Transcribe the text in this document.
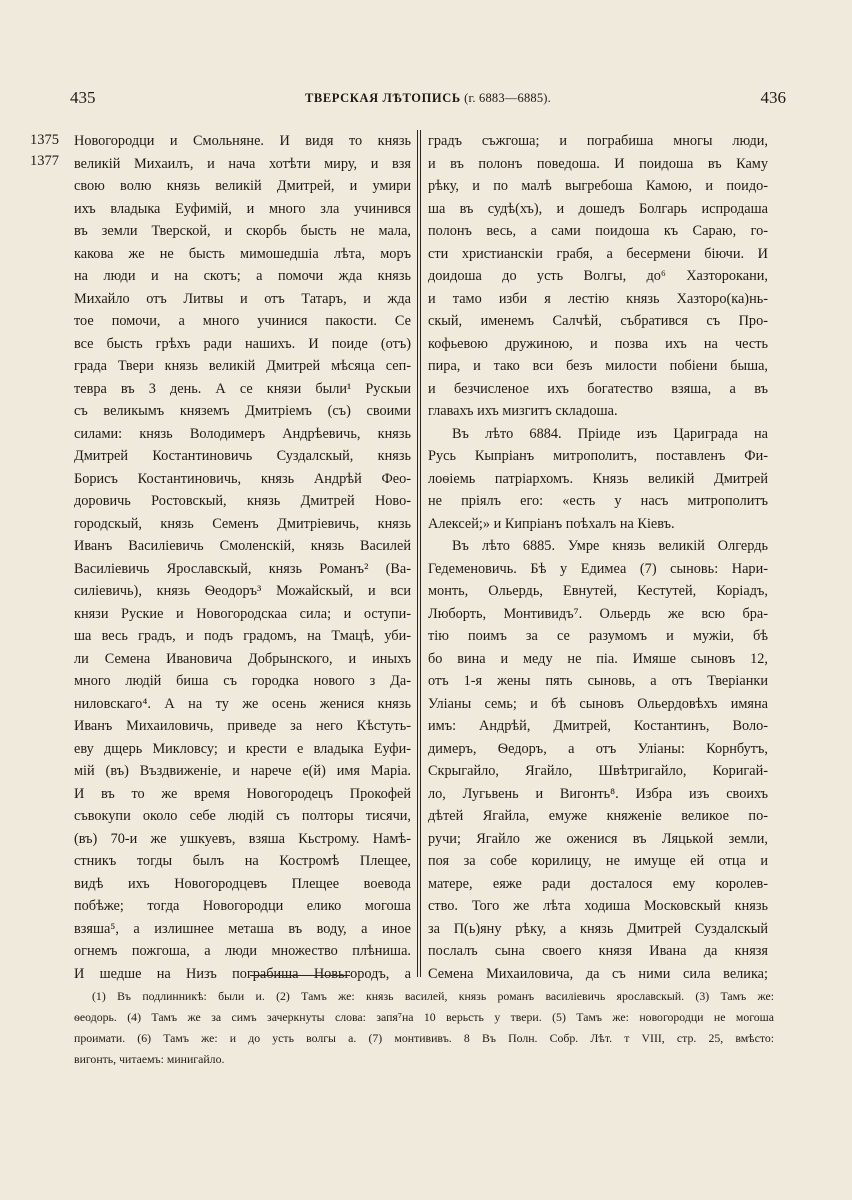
435	ТВЕРСКАЯ ЛѢТОПИСЬ (г. 6883—6885).	436
1375
1377
Новогородци и Смольняне. И видя то князь
великій Михаилъ, и нача хотѣти миру, и взя
свою волю князь великій Дмитрей, и умири
ихъ владыка Еуфимій, и много зла учинився
въ земли Тверской, и скорбь бысть не мала,
какова же не бысть мимошедшіа лѣта, моръ
на люди и на скотъ; а помочи жда князь
Михайло отъ Литвы и отъ Татаръ, и жда
тое помочи, а много учинися пакости. Се
все бысть грѣхъ ради нашихъ. И поиде (отъ)
града Твери князь великій Дмитрей мѣсяца сеп-
тевра въ 3 день. А се князи были¹ Рускыи
съ великымъ княземъ Дмитріемъ (съ) своими
силами: князь Володимеръ Андрѣевичь, князь
Дмитрей Костантиновичь Суздалскый, князь
Борисъ Костантиновичь, князь Андрѣй Фео-
доровичь Ростовскый, князь Дмитрей Ново-
городскый, князь Семенъ Дмитріевичь, князь
Иванъ Василіевичь Смоленскій, князь Василей
Василіевичь Ярославскый, князь Романъ² (Ва-
силіевичь), князь Ѳеодоръ³ Можайскый, и вси
князи Руские и Новогородскаа сила; и оступи-
ша весь градъ, и подъ градомъ, на Тмацѣ, уби-
ли Семена Ивановича Добрынского, и иныхъ
много людій биша съ городка нового з Да-
ниловскаго⁴. А на ту же осень женися князь
Иванъ Михаиловичь, приведе за него Кѣстуть-
еву дщерь Микловсу; и крести е владыка Еуфи-
мій (въ) Въздвиженіе, и нарече е(й) имя Маріа.
И въ то же время Новогородецъ Прокофей
съвокупи около себе людій съ полторы тисячи,
(въ) 70-и же ушкуевъ, взяша Кьстрому. Намѣ-
стникъ тогды былъ на Костромѣ Плещее,
видѣ ихъ Новогородцевъ Плещее воевода
побѣже; тогда Новогородци елико могоша
взяша⁵, а излишнее меташа въ воду, а иное
огнемъ пожгоша, а люди множество плѣниша.
И шедше на Низъ пограбиша Новьгородъ, а
градъ съжгоша; и пограбиша многы люди,
и въ полонъ поведоша. И поидоша въ Каму
рѣку, и по малѣ выгребоша Камою, и поидо-
ша въ судѣ(хъ), и дошедъ Болгарь испродаша
полонъ весь, а сами поидоша къ Сараю, го-
сти христианскіи грабя, а бесермени біючи. И
доидоша до усть Волгы, до⁶ Хазторокани,
и тамо изби я лестію князь Хазторо(ка)нь-
скый, именемъ Салчѣй, събратився съ Про-
кофьевою дружиною, и позва ихъ на честь
пира, и тако вси безъ милости побіени быша,
и безчисленое ихъ богатество взяша, а въ
главахъ ихъ мизгитъ складоша.
Въ лѣто 6884. Пріиде изъ Цариграда на
Русь Кыпріанъ митрополитъ, поставленъ Фи-
лоѳіемь патріархомъ. Князь великій Дмитрей
не пріялъ его: «есть у насъ митрополитъ
Алексей;» и Кипріанъ поѣхалъ на Кіевъ.
Въ лѣто 6885. Умре князь великій Олгердь
Гедеменовичь. Бѣ у Едимеа (7) сыновь: Нари-
монть, Ольердь, Евнутей, Кестутей, Коріадъ,
Люборть, Монтивидъ⁷. Ольердь же всю бра-
тію поимъ за се разумомъ и мужіи, бѣ
бо вина и меду не піа. Имяше сыновъ 12,
отъ 1-я жены пять сыновь, а отъ Тверіанки
Уліаны семь; и бѣ сыновъ Ольердовѣхъ имяна
имъ: Андрѣй, Дмитрей, Костантинъ, Воло-
димеръ, Ѳедоръ, а отъ Уліаны: Корнбутъ,
Скрыгайло, Ягайло, Швѣтригайло, Коригай-
ло, Лугьвень и Вигонть⁸. Избра изъ своихъ
дѣтей Ягайла, емуже княженіе великое по-
ручи; Ягайло же оженися въ Ляцькой земли,
поя за собе корилицу, не имуще ей отца и
матере, еяже ради досталося ему королев-
ство. Того же лѣта ходиша Московскый князь
за П(ь)яну рѣку, а князь Дмитрей Суздалскый
послалъ сына своего князя Ивана да князя
Семена Михаиловича, да съ ними сила велика;
(1) Въ подлинникѣ: были и. (2) Тамъ же: князь василей, князь романъ василіевичь ярославскый. (3) Тамъ же:
ѳеодорь. (4) Тамъ же за симъ зачеркнуты слова: запя⁷на 10 верьсть у твери. (5) Тамъ же: новогородци не могоша
проимати. (6) Тамъ же: и до усть волгы а. (7) монтививъ. 8 Въ Полн. Собр. Лѣт. т VIII, стр. 25, вмѣсто:
вигонть, читаемъ: минигайло.
